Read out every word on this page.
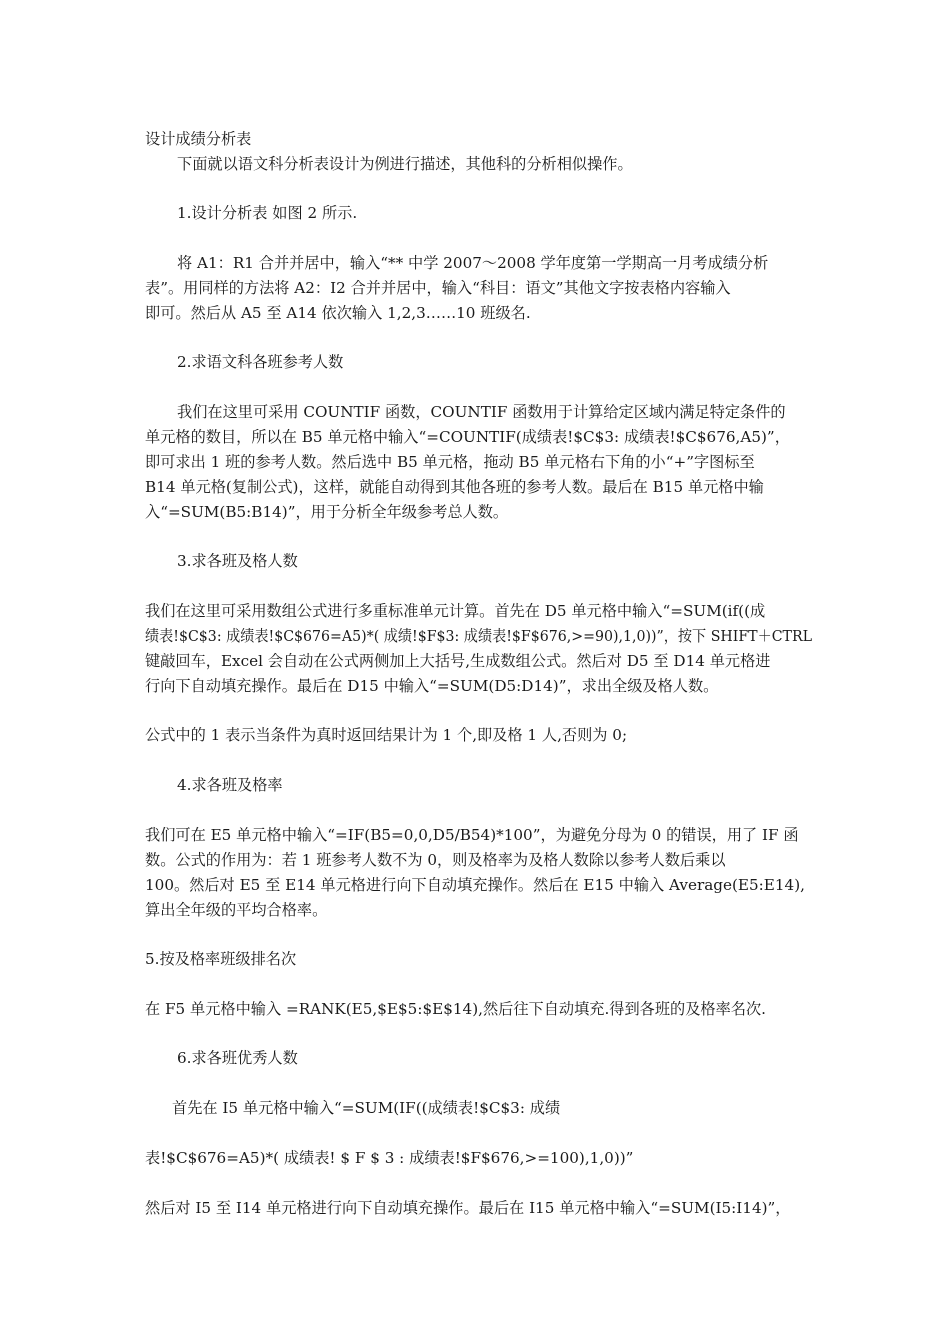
设计成绩分析表
下面就以语文科分析表设计为例进行描述，其他科的分析相似操作。
1.设计分析表 如图 2 所示.
将 A1：R1 合并并居中，输入“** 中学 2007～2008 学年度第一学期高一月考成绩分析
表”。用同样的方法将 A2：I2 合并并居中，输入“科目：语文”其他文字按表格内容输入
即可。然后从 A5 至 A14 依次输入 1,2,3……10 班级名.
2.求语文科各班参考人数
我们在这里可采用 COUNTIF 函数，COUNTIF 函数用于计算给定区域内满足特定条件的
单元格的数目，所以在 B5 单元格中输入“=COUNTIF(成绩表!$C$3: 成绩表!$C$676,A5)”，
即可求出 1 班的参考人数。然后选中 B5 单元格，拖动 B5 单元格右下角的小“+”字图标至
B14 单元格(复制公式)，这样，就能自动得到其他各班的参考人数。最后在 B15 单元格中输
入“=SUM(B5:B14)”，用于分析全年级参考总人数。
3.求各班及格人数
我们在这里可采用数组公式进行多重标准单元计算。首先在 D5 单元格中输入“=SUM(if((成
绩表!$C$3: 成绩表!$C$676=A5)*( 成绩!$F$3: 成绩表!$F$676,>=90),1,0))”，按下 SHIFT＋CTRL
键敲回车，Excel 会自动在公式两侧加上大括号,生成数组公式。然后对 D5 至 D14 单元格进
行向下自动填充操作。最后在 D15 中输入“=SUM(D5:D14)”，求出全级及格人数。
公式中的 1 表示当条件为真时返回结果计为 1 个,即及格 1 人,否则为 0;
4.求各班及格率
我们可在 E5 单元格中输入“=IF(B5=0,0,D5/B54)*100”，为避免分母为 0 的错误，用了 IF 函
数。公式的作用为：若 1 班参考人数不为 0，则及格率为及格人数除以参考人数后乘以
100。然后对 E5 至 E14 单元格进行向下自动填充操作。然后在 E15 中输入 Average(E5:E14),
算出全年级的平均合格率。
5.按及格率班级排名次
在 F5 单元格中输入 =RANK(E5,$E$5:$E$14),然后往下自动填充.得到各班的及格率名次.
6.求各班优秀人数
首先在 I5 单元格中输入“=SUM(IF((成绩表!$C$3: 成绩
表!$C$676=A5)*( 成绩表! $ F $ 3 : 成绩表!$F$676,>=100),1,0))”
然后对 I5 至 I14 单元格进行向下自动填充操作。最后在 I15 单元格中输入“=SUM(I5:I14)”，
